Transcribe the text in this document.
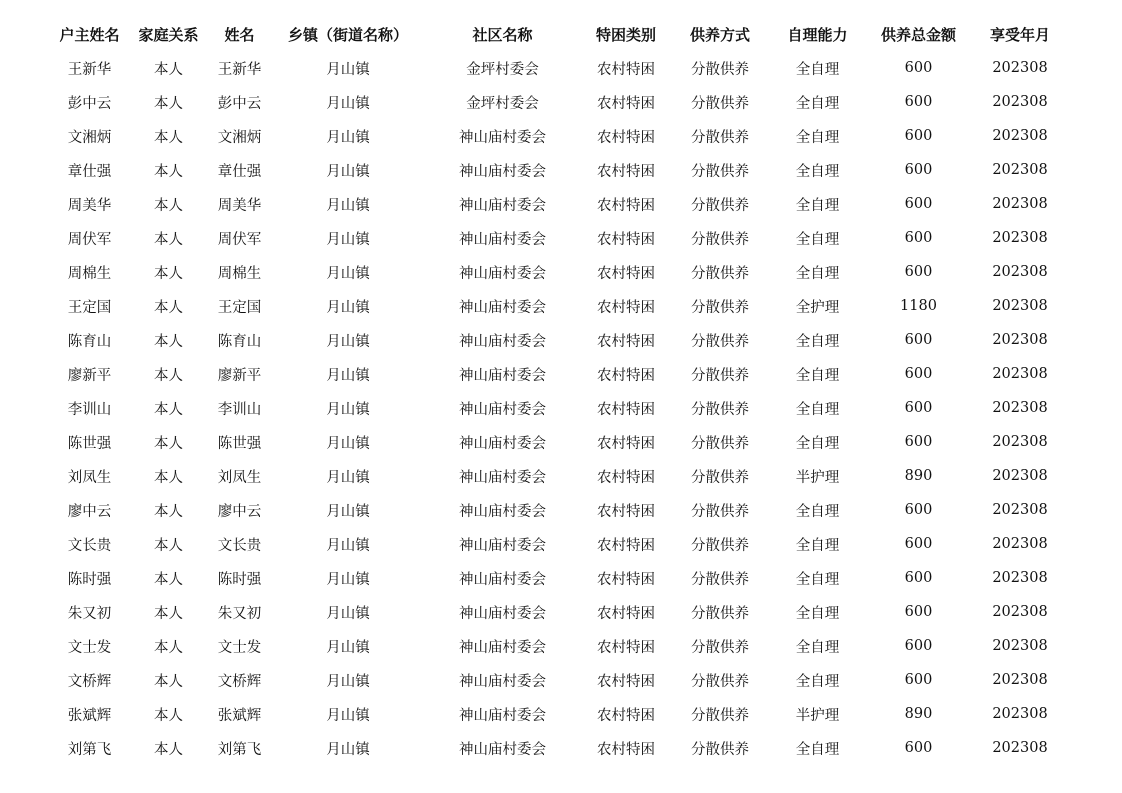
户主姓名	家庭关系	姓名	乡镇（街道名称）	社区名称	特困类别	供养方式	自理能力	供养总金额	享受年月
王新华	本人	王新华	月山镇	金坪村委会	农村特困	分散供养	全自理	600	202308
彭中云	本人	彭中云	月山镇	金坪村委会	农村特困	分散供养	全自理	600	202308
文湘炳	本人	文湘炳	月山镇	神山庙村委会	农村特困	分散供养	全自理	600	202308
章仕强	本人	章仕强	月山镇	神山庙村委会	农村特困	分散供养	全自理	600	202308
周美华	本人	周美华	月山镇	神山庙村委会	农村特困	分散供养	全自理	600	202308
周伏军	本人	周伏军	月山镇	神山庙村委会	农村特困	分散供养	全自理	600	202308
周棉生	本人	周棉生	月山镇	神山庙村委会	农村特困	分散供养	全自理	600	202308
王定国	本人	王定国	月山镇	神山庙村委会	农村特困	分散供养	全护理	1180	202308
陈育山	本人	陈育山	月山镇	神山庙村委会	农村特困	分散供养	全自理	600	202308
廖新平	本人	廖新平	月山镇	神山庙村委会	农村特困	分散供养	全自理	600	202308
李训山	本人	李训山	月山镇	神山庙村委会	农村特困	分散供养	全自理	600	202308
陈世强	本人	陈世强	月山镇	神山庙村委会	农村特困	分散供养	全自理	600	202308
刘凤生	本人	刘凤生	月山镇	神山庙村委会	农村特困	分散供养	半护理	890	202308
廖中云	本人	廖中云	月山镇	神山庙村委会	农村特困	分散供养	全自理	600	202308
文长贵	本人	文长贵	月山镇	神山庙村委会	农村特困	分散供养	全自理	600	202308
陈时强	本人	陈时强	月山镇	神山庙村委会	农村特困	分散供养	全自理	600	202308
朱又初	本人	朱又初	月山镇	神山庙村委会	农村特困	分散供养	全自理	600	202308
文士发	本人	文士发	月山镇	神山庙村委会	农村特困	分散供养	全自理	600	202308
文桥辉	本人	文桥辉	月山镇	神山庙村委会	农村特困	分散供养	全自理	600	202308
张斌辉	本人	张斌辉	月山镇	神山庙村委会	农村特困	分散供养	半护理	890	202308
刘第飞	本人	刘第飞	月山镇	神山庙村委会	农村特困	分散供养	全自理	600	202308
